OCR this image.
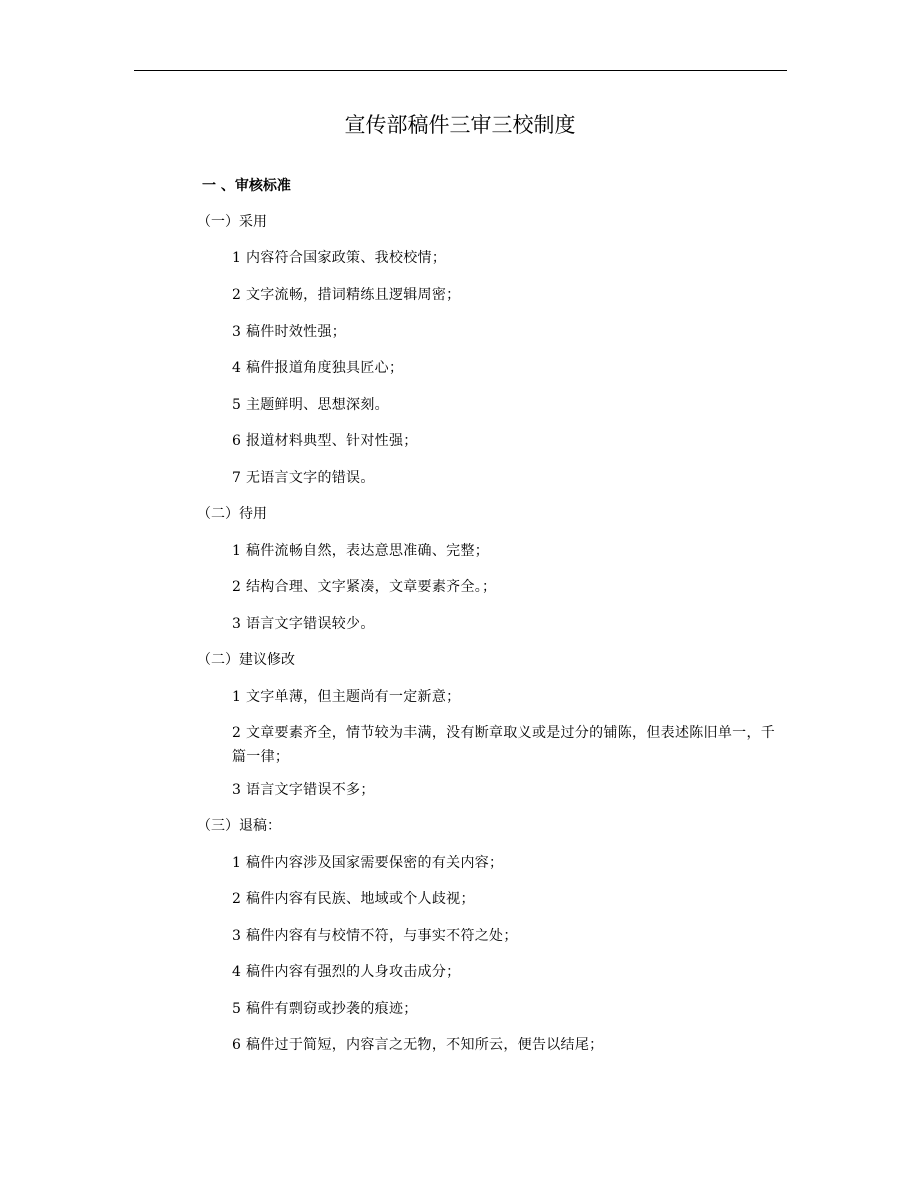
宣传部稿件三审三校制度
一 、审核标准
（一）采用
1 内容符合国家政策、我校校情；
2 文字流畅，措词精练且逻辑周密；
3 稿件时效性强；
4 稿件报道角度独具匠心；
5 主题鲜明、思想深刻。
6 报道材料典型、针对性强；
7 无语言文字的错误。
（二）待用
1 稿件流畅自然，表达意思准确、完整；
2 结构合理、文字紧凑，文章要素齐全。；
3 语言文字错误较少。
（二）建议修改
1 文字单薄，但主题尚有一定新意；
2 文章要素齐全，情节较为丰满，没有断章取义或是过分的铺陈，但表述陈旧单一，千篇一律；
3 语言文字错误不多；
（三）退稿：
1 稿件内容涉及国家需要保密的有关内容；
2 稿件内容有民族、地域或个人歧视；
3 稿件内容有与校情不符，与事实不符之处；
4 稿件内容有强烈的人身攻击成分；
5 稿件有剽窃或抄袭的痕迹；
6 稿件过于简短，内容言之无物，不知所云，便告以结尾；
